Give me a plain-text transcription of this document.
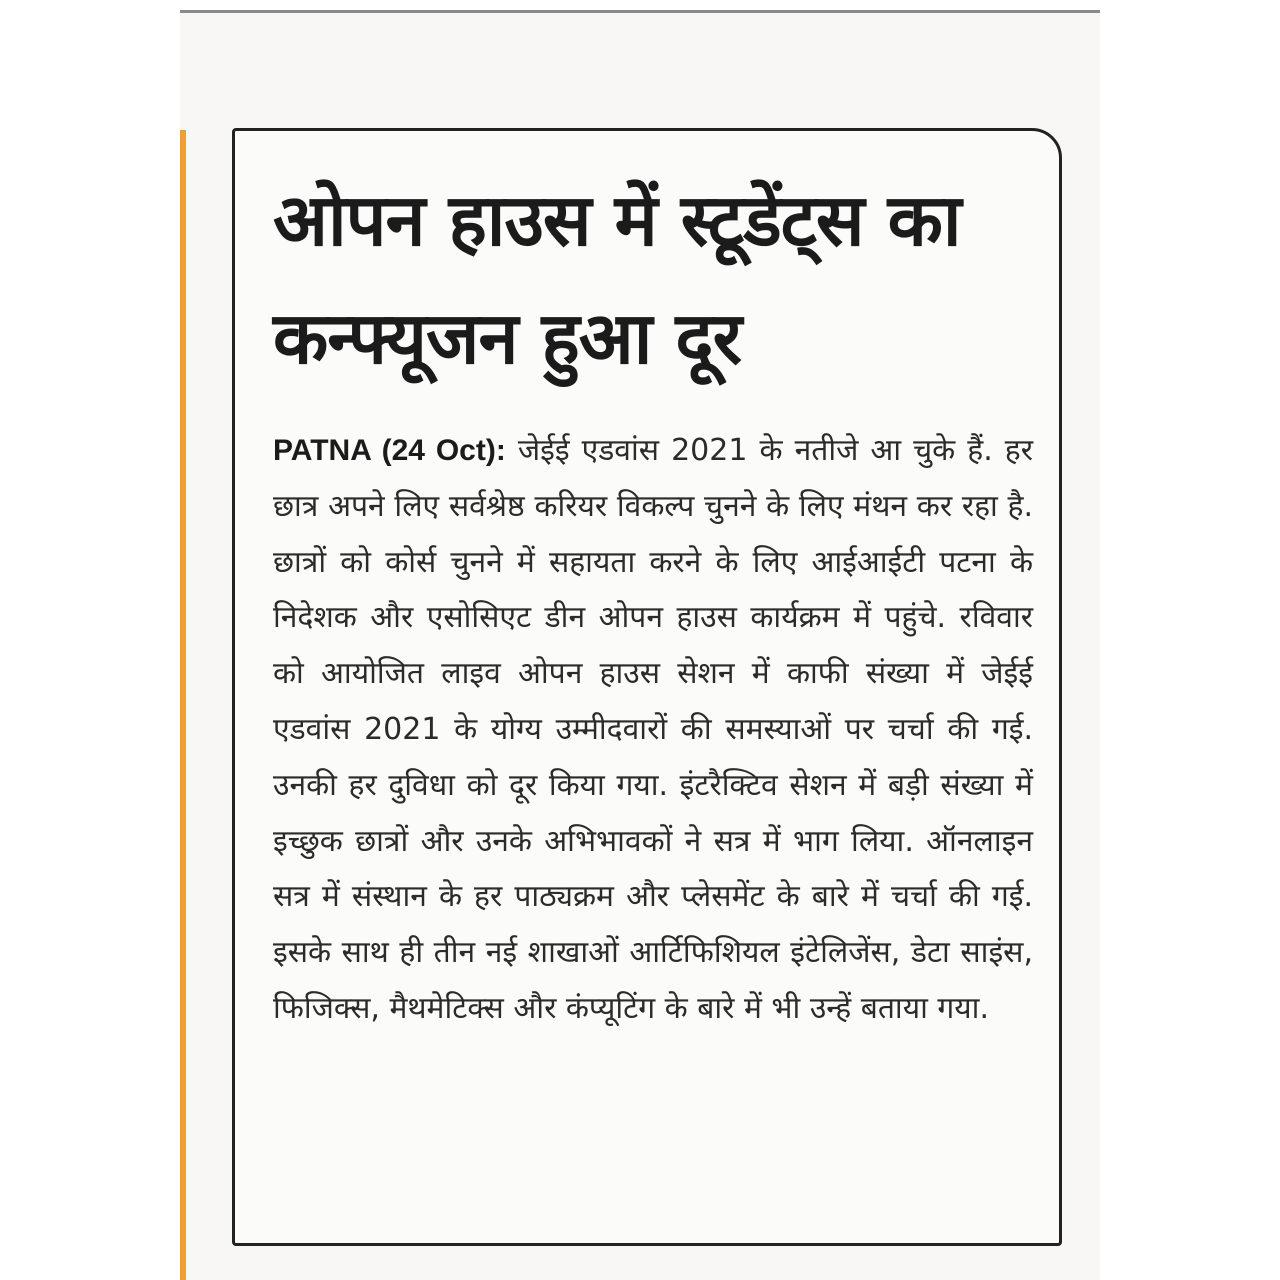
ओपन हाउस में स्टूडेंट्स का कन्फ्यूजन हुआ दूर

PATNA (24 Oct): जेईई एडवांस 2021 के नतीजे आ चुके हैं. हर छात्र अपने लिए सर्वश्रेष्ठ करियर विकल्प चुनने के लिए मंथन कर रहा है. छात्रों को कोर्स चुनने में सहायता करने के लिए आईआईटी पटना के निदेशक और एसोसिएट डीन ओपन हाउस कार्यक्रम में पहुंचे. रविवार को आयोजित लाइव ओपन हाउस सेशन में काफी संख्या में जेईई एडवांस 2021 के योग्य उम्मीदवारों की समस्याओं पर चर्चा की गई. उनकी हर दुविधा को दूर किया गया. इंटरैक्टिव सेशन में बड़ी संख्या में इच्छुक छात्रों और उनके अभिभावकों ने सत्र में भाग लिया. ऑनलाइन सत्र में संस्थान के हर पाठ्यक्रम और प्लेसमेंट के बारे में चर्चा की गई. इसके साथ ही तीन नई शाखाओं आर्टिफिशियल इंटेलिजेंस, डेटा साइंस, फिजिक्स, मैथमेटिक्स और कंप्यूटिंग के बारे में भी उन्हें बताया गया.
